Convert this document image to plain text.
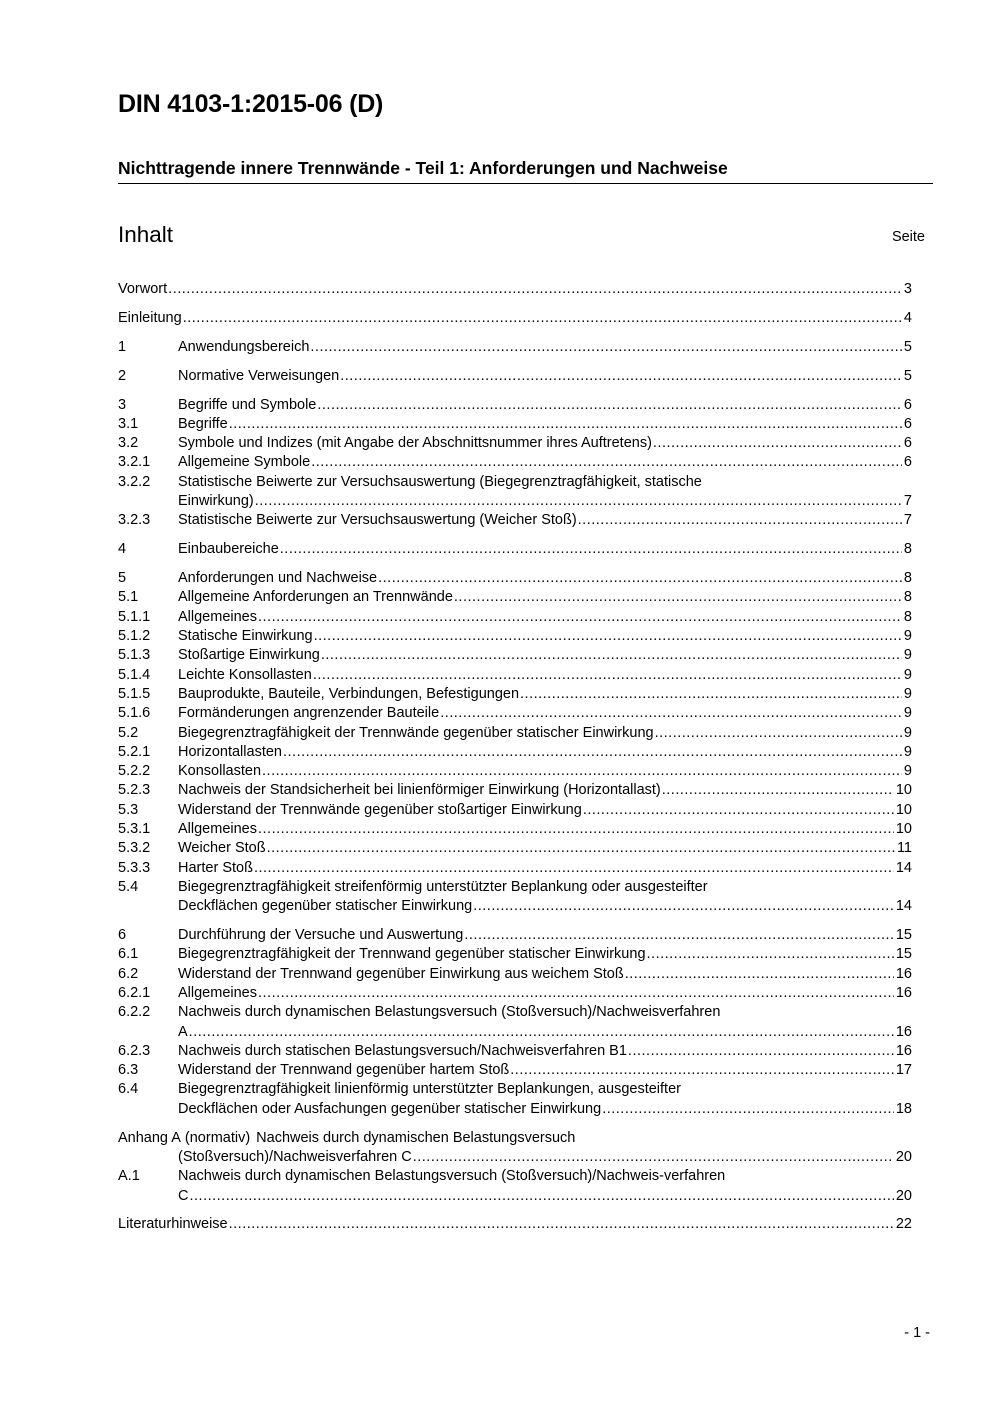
DIN 4103-1:2015-06 (D)
Nichttragende innere Trennwände - Teil 1: Anforderungen und Nachweise
Inhalt	Seite
Vorwort .....	3
Einleitung .....	4
1	Anwendungsbereich .....	5
2	Normative Verweisungen .....	5
3	Begriffe und Symbole .....	6
3.1	Begriffe .....	6
3.2	Symbole und Indizes (mit Angabe der Abschnittsnummer ihres Auftretens) .....	6
3.2.1	Allgemeine Symbole .....	6
3.2.2	Statistische Beiwerte zur Versuchsauswertung (Biegegrenztragfähigkeit, statische
Einwirkung) .....	7
3.2.3	Statistische Beiwerte zur Versuchsauswertung (Weicher Stoß) .....	7
4	Einbaubereiche .....	8
5	Anforderungen und Nachweise .....	8
5.1	Allgemeine Anforderungen an Trennwände .....	8
5.1.1	Allgemeines .....	8
5.1.2	Statische Einwirkung .....	9
5.1.3	Stoßartige Einwirkung .....	9
5.1.4	Leichte Konsollasten .....	9
5.1.5	Bauprodukte, Bauteile, Verbindungen, Befestigungen .....	9
5.1.6	Formänderungen angrenzender Bauteile .....	9
5.2	Biegegrenztragfähigkeit der Trennwände gegenüber statischer Einwirkung .....	9
5.2.1	Horizontallasten .....	9
5.2.2	Konsollasten .....	9
5.2.3	Nachweis der Standsicherheit bei linienförmiger Einwirkung (Horizontallast) .....	10
5.3	Widerstand der Trennwände gegenüber stoßartiger Einwirkung .....	10
5.3.1	Allgemeines .....	10
5.3.2	Weicher Stoß .....	11
5.3.3	Harter Stoß .....	14
5.4	Biegegrenztragfähigkeit streifenförmig unterstützter Beplankung oder ausgesteifter
Deckflächen gegenüber statischer Einwirkung .....	14
6	Durchführung der Versuche und Auswertung .....	15
6.1	Biegegrenztragfähigkeit der Trennwand gegenüber statischer Einwirkung .....	15
6.2	Widerstand der Trennwand gegenüber Einwirkung aus weichem Stoß .....	16
6.2.1	Allgemeines .....	16
6.2.2	Nachweis durch dynamischen Belastungsversuch (Stoßversuch)/Nachweisverfahren
A .....	16
6.2.3	Nachweis durch statischen Belastungsversuch/Nachweisverfahren B1 .....	16
6.3	Widerstand der Trennwand gegenüber hartem Stoß .....	17
6.4	Biegegrenztragfähigkeit linienförmig unterstützter Beplankungen, ausgesteifter
Deckflächen oder Ausfachungen gegenüber statischer Einwirkung .....	18
Anhang A (normativ) Nachweis durch dynamischen Belastungsversuch
(Stoßversuch)/Nachweisverfahren C .....	20
A.1	Nachweis durch dynamischen Belastungsversuch (Stoßversuch)/Nachweis-verfahren
C .....	20
Literaturhinweise .....	22
- 1 -
